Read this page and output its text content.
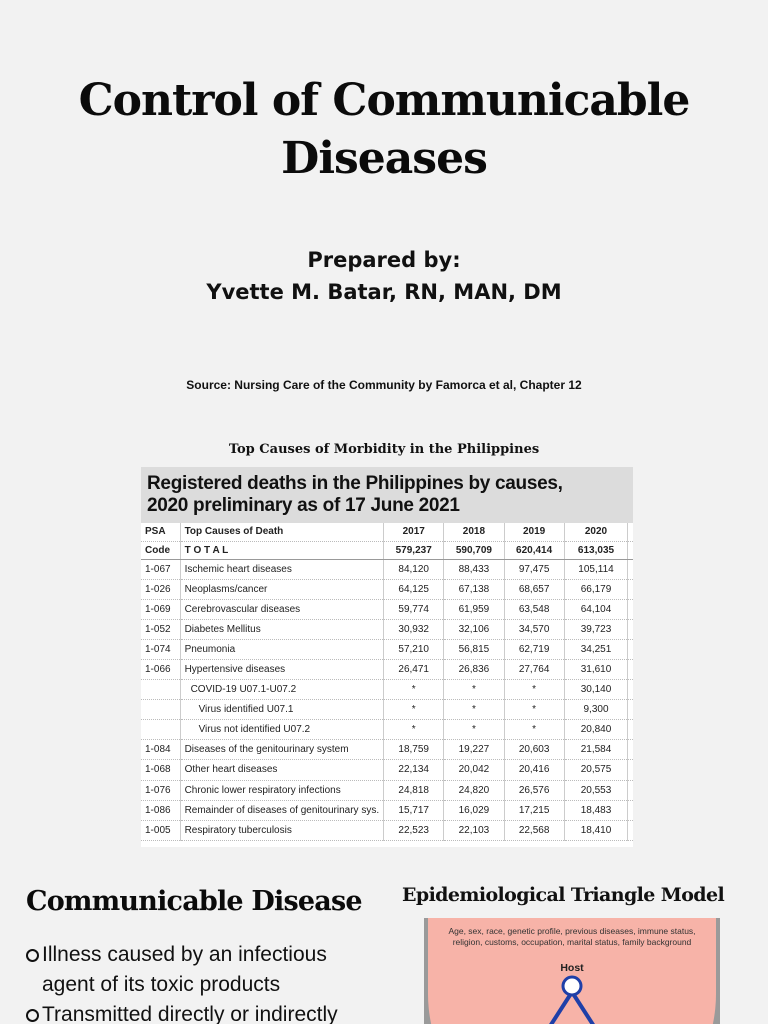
Control of Communicable
Diseases
Prepared by:
Yvette M. Batar, RN, MAN, DM
Source: Nursing Care of the Community by Famorca et al, Chapter 12
Top Causes of Morbidity in the Philippines
Registered deaths in the Philippines by causes,
2020 preliminary as of 17 June 2021
PSA	Top Causes of Death	2017	2018	2019	2020	
Code	T O T A L	579,237	590,709	620,414	613,035	
1-067	Ischemic heart diseases	84,120	88,433	97,475	105,114	
1-026	Neoplasms/cancer	64,125	67,138	68,657	66,179	
1-069	Cerebrovascular diseases	59,774	61,959	63,548	64,104	
1-052	Diabetes Mellitus	30,932	32,106	34,570	39,723	
1-074	Pneumonia	57,210	56,815	62,719	34,251	
1-066	Hypertensive diseases	26,471	26,836	27,764	31,610	
	COVID-19 U07.1-U07.2	*	*	*	30,140	
	Virus identified U07.1	*	*	*	9,300	
	Virus not identified U07.2	*	*	*	20,840	
1-084	Diseases of the genitourinary system	18,759	19,227	20,603	21,584	
1-068	Other heart diseases	22,134	20,042	20,416	20,575	
1-076	Chronic lower respiratory infections	24,818	24,820	26,576	20,553	
1-086	Remainder of diseases of genitourinary sys.	15,717	16,029	17,215	18,483	
1-005	Respiratory tuberculosis	22,523	22,103	22,568	18,410	
Communicable Disease
Illness caused by an infectious
agent of its toxic products
Transmitted directly or indirectly
Epidemiological Triangle Model
Age, sex, race, genetic profile, previous diseases, immune status,
religion, customs, occupation, marital status, family background
Host
